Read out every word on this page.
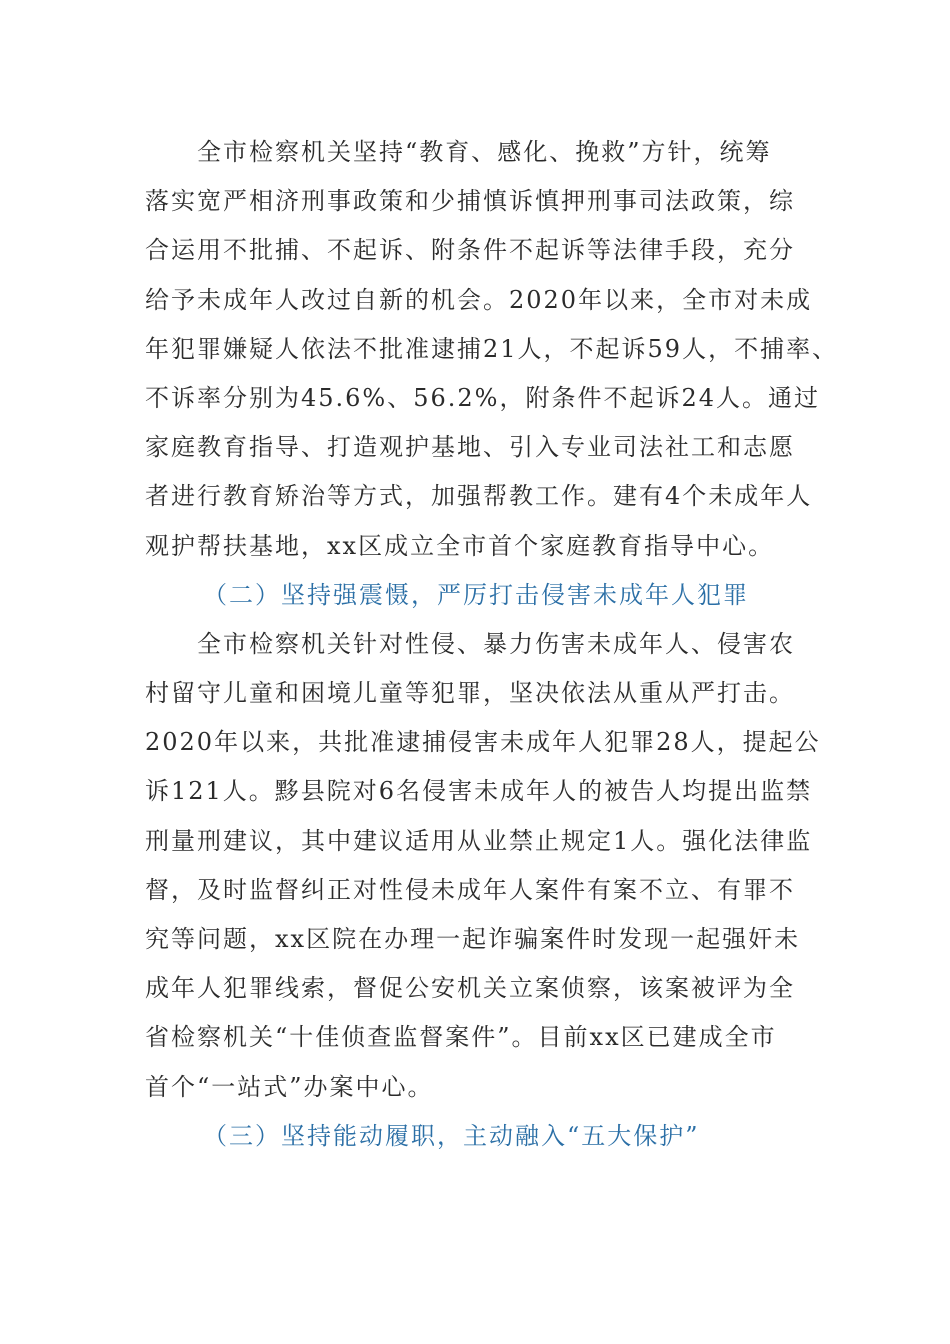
全市检察机关坚持“教育、感化、挽救”方针，统筹
落实宽严相济刑事政策和少捕慎诉慎押刑事司法政策，综
合运用不批捕、不起诉、附条件不起诉等法律手段，充分
给予未成年人改过自新的机会。2020年以来，全市对未成
年犯罪嫌疑人依法不批准逮捕21人，不起诉59人，不捕率、
不诉率分别为45.6%、56.2%，附条件不起诉24人。通过
家庭教育指导、打造观护基地、引入专业司法社工和志愿
者进行教育矫治等方式，加强帮教工作。建有4个未成年人
观护帮扶基地，xx区成立全市首个家庭教育指导中心。
（二）坚持强震慑，严厉打击侵害未成年人犯罪
全市检察机关针对性侵、暴力伤害未成年人、侵害农
村留守儿童和困境儿童等犯罪，坚决依法从重从严打击。
2020年以来，共批准逮捕侵害未成年人犯罪28人，提起公
诉121人。黟县院对6名侵害未成年人的被告人均提出监禁
刑量刑建议，其中建议适用从业禁止规定1人。强化法律监
督，及时监督纠正对性侵未成年人案件有案不立、有罪不
究等问题，xx区院在办理一起诈骗案件时发现一起强奸未
成年人犯罪线索，督促公安机关立案侦察，该案被评为全
省检察机关“十佳侦查监督案件”。目前xx区已建成全市
首个“一站式”办案中心。
（三）坚持能动履职，主动融入“五大保护”
